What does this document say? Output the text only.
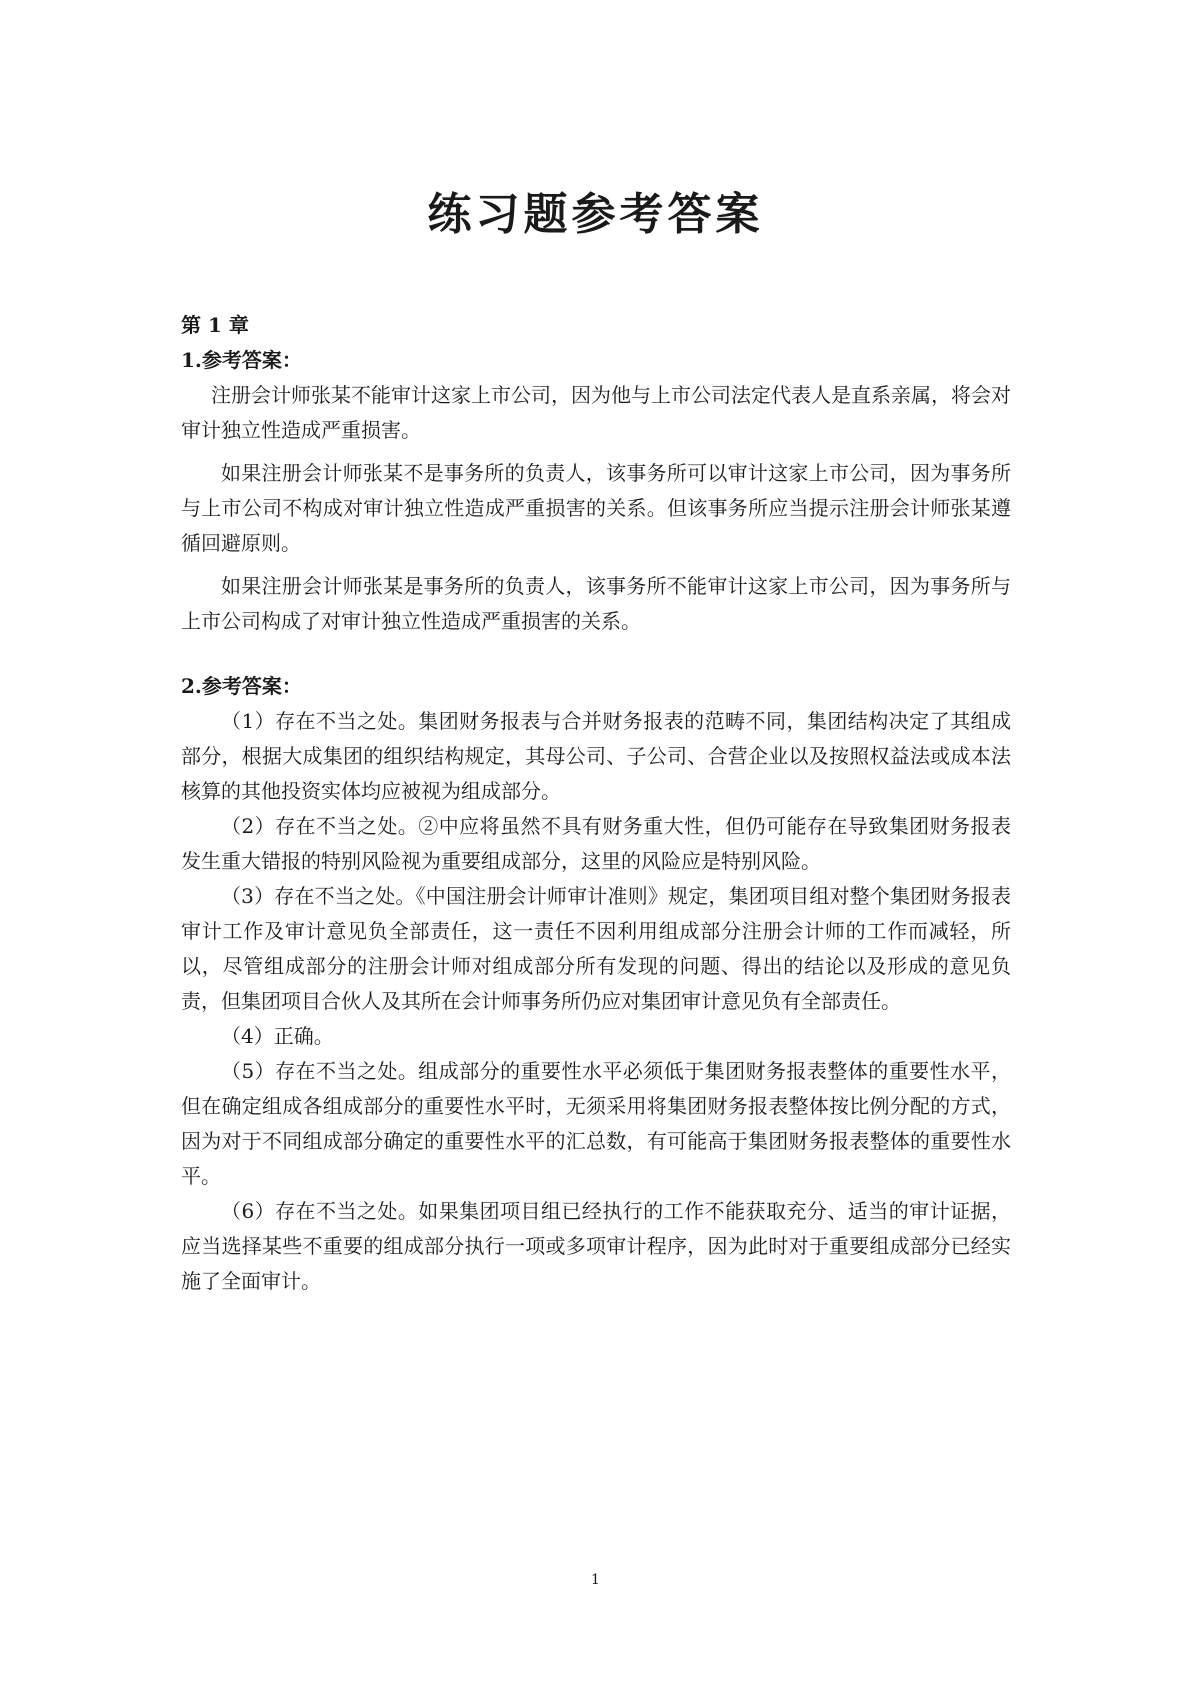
练习题参考答案

第 1 章

1.参考答案：

注册会计师张某不能审计这家上市公司，因为他与上市公司法定代表人是直系亲属，将会对审计独立性造成严重损害。

如果注册会计师张某不是事务所的负责人，该事务所可以审计这家上市公司，因为事务所与上市公司不构成对审计独立性造成严重损害的关系。但该事务所应当提示注册会计师张某遵循回避原则。

如果注册会计师张某是事务所的负责人，该事务所不能审计这家上市公司，因为事务所与上市公司构成了对审计独立性造成严重损害的关系。

2.参考答案：

（1）存在不当之处。集团财务报表与合并财务报表的范畴不同，集团结构决定了其组成部分，根据大成集团的组织结构规定，其母公司、子公司、合营企业以及按照权益法或成本法核算的其他投资实体均应被视为组成部分。

（2）存在不当之处。②中应将虽然不具有财务重大性，但仍可能存在导致集团财务报表发生重大错报的特别风险视为重要组成部分，这里的风险应是特别风险。

（3）存在不当之处。《中国注册会计师审计准则》规定，集团项目组对整个集团财务报表审计工作及审计意见负全部责任，这一责任不因利用组成部分注册会计师的工作而减轻，所以，尽管组成部分的注册会计师对组成部分所有发现的问题、得出的结论以及形成的意见负责，但集团项目合伙人及其所在会计师事务所仍应对集团审计意见负有全部责任。

（4）正确。

（5）存在不当之处。组成部分的重要性水平必须低于集团财务报表整体的重要性水平，但在确定组成各组成部分的重要性水平时，无须采用将集团财务报表整体按比例分配的方式，因为对于不同组成部分确定的重要性水平的汇总数，有可能高于集团财务报表整体的重要性水平。

（6）存在不当之处。如果集团项目组已经执行的工作不能获取充分、适当的审计证据，应当选择某些不重要的组成部分执行一项或多项审计程序，因为此时对于重要组成部分已经实施了全面审计。

1
